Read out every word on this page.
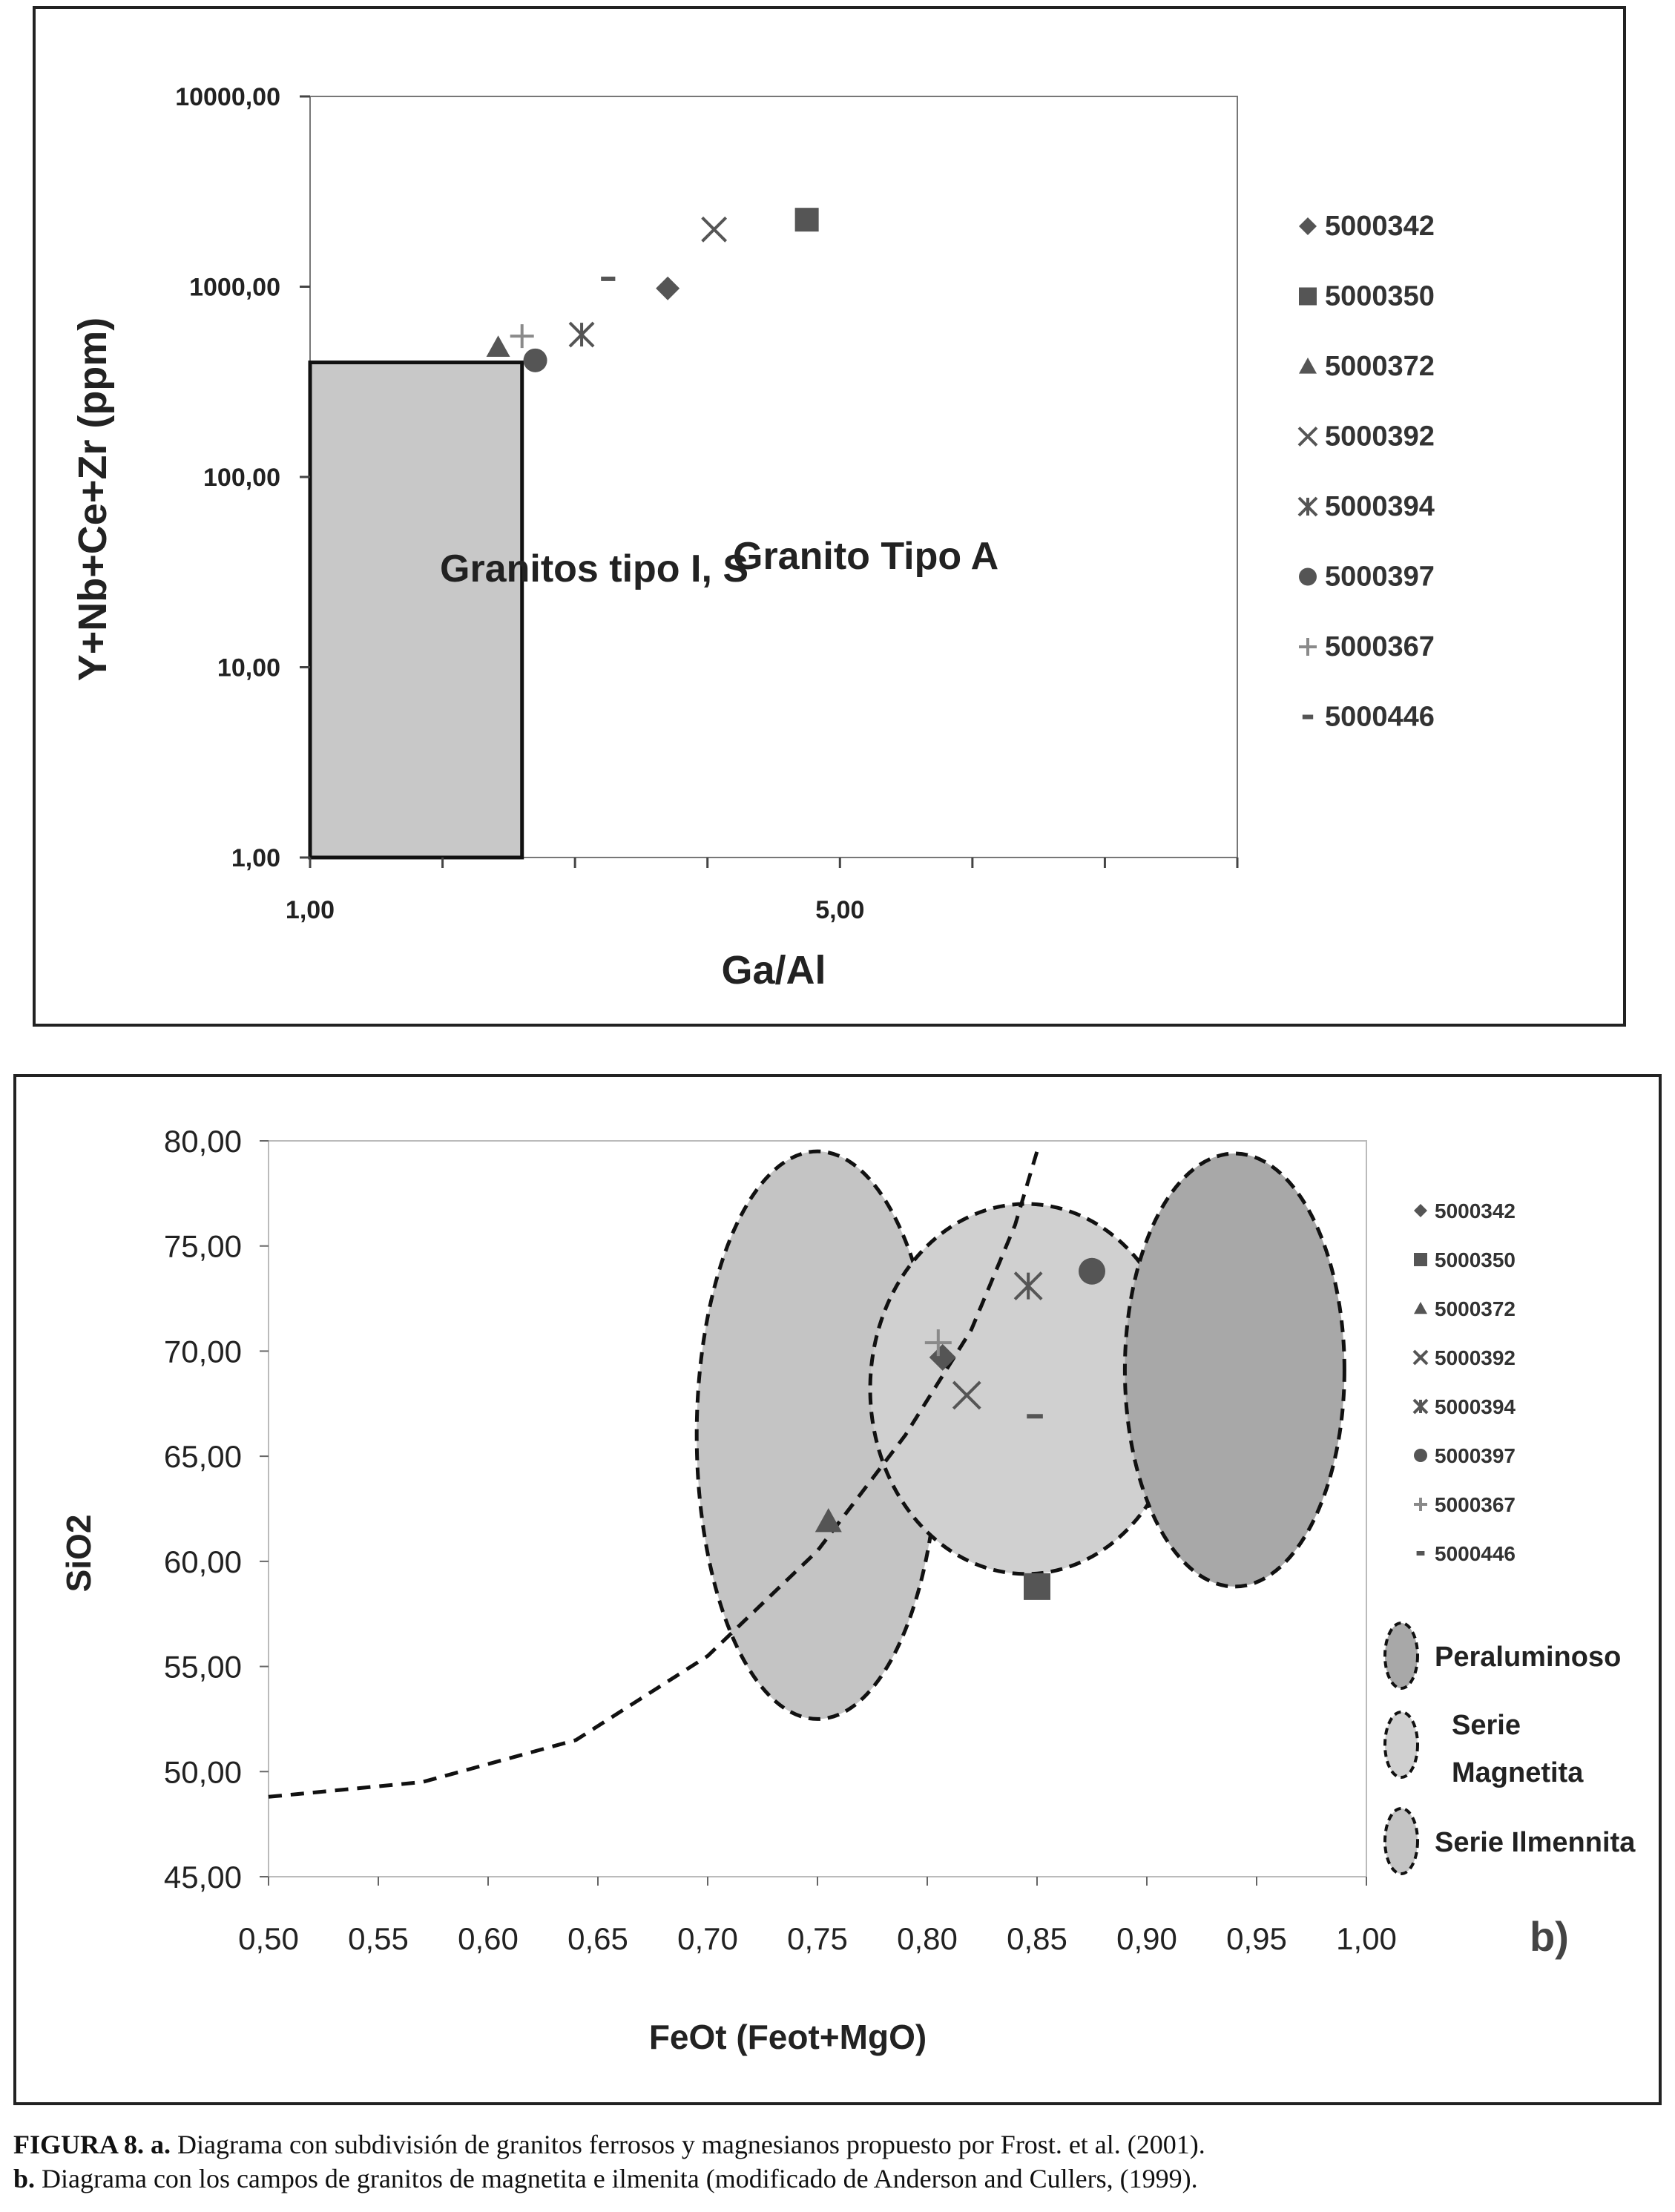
Granitos tipo I, S
Granito Tipo A
1,00
10,00
100,00
1000,00
10000,00
1,00	5,00
Ga/Al
Y+Nb+Ce+Zr (ppm)
5000342
5000350
5000372
5000392
5000394
5000397
5000367
5000446
45,00
50,00
55,00
60,00
65,00
70,00
75,00
80,00
0,50 0,55 0,60 0,65 0,70 0,75 0,80 0,85 0,90 0,95 1,00
FeOt (Feot+MgO)
SiO2
b)
5000342
5000350
5000372
5000392
5000394
5000397
5000367
5000446
Peraluminoso
Serie
Magnetita
Serie Ilmennita
FIGURA 8. a. Diagrama con subdivisión de granitos ferrosos y magnesianos propuesto por Frost. et al. (2001).
b. Diagrama con los campos de granitos de magnetita e ilmenita (modificado de Anderson and Cullers, (1999).
